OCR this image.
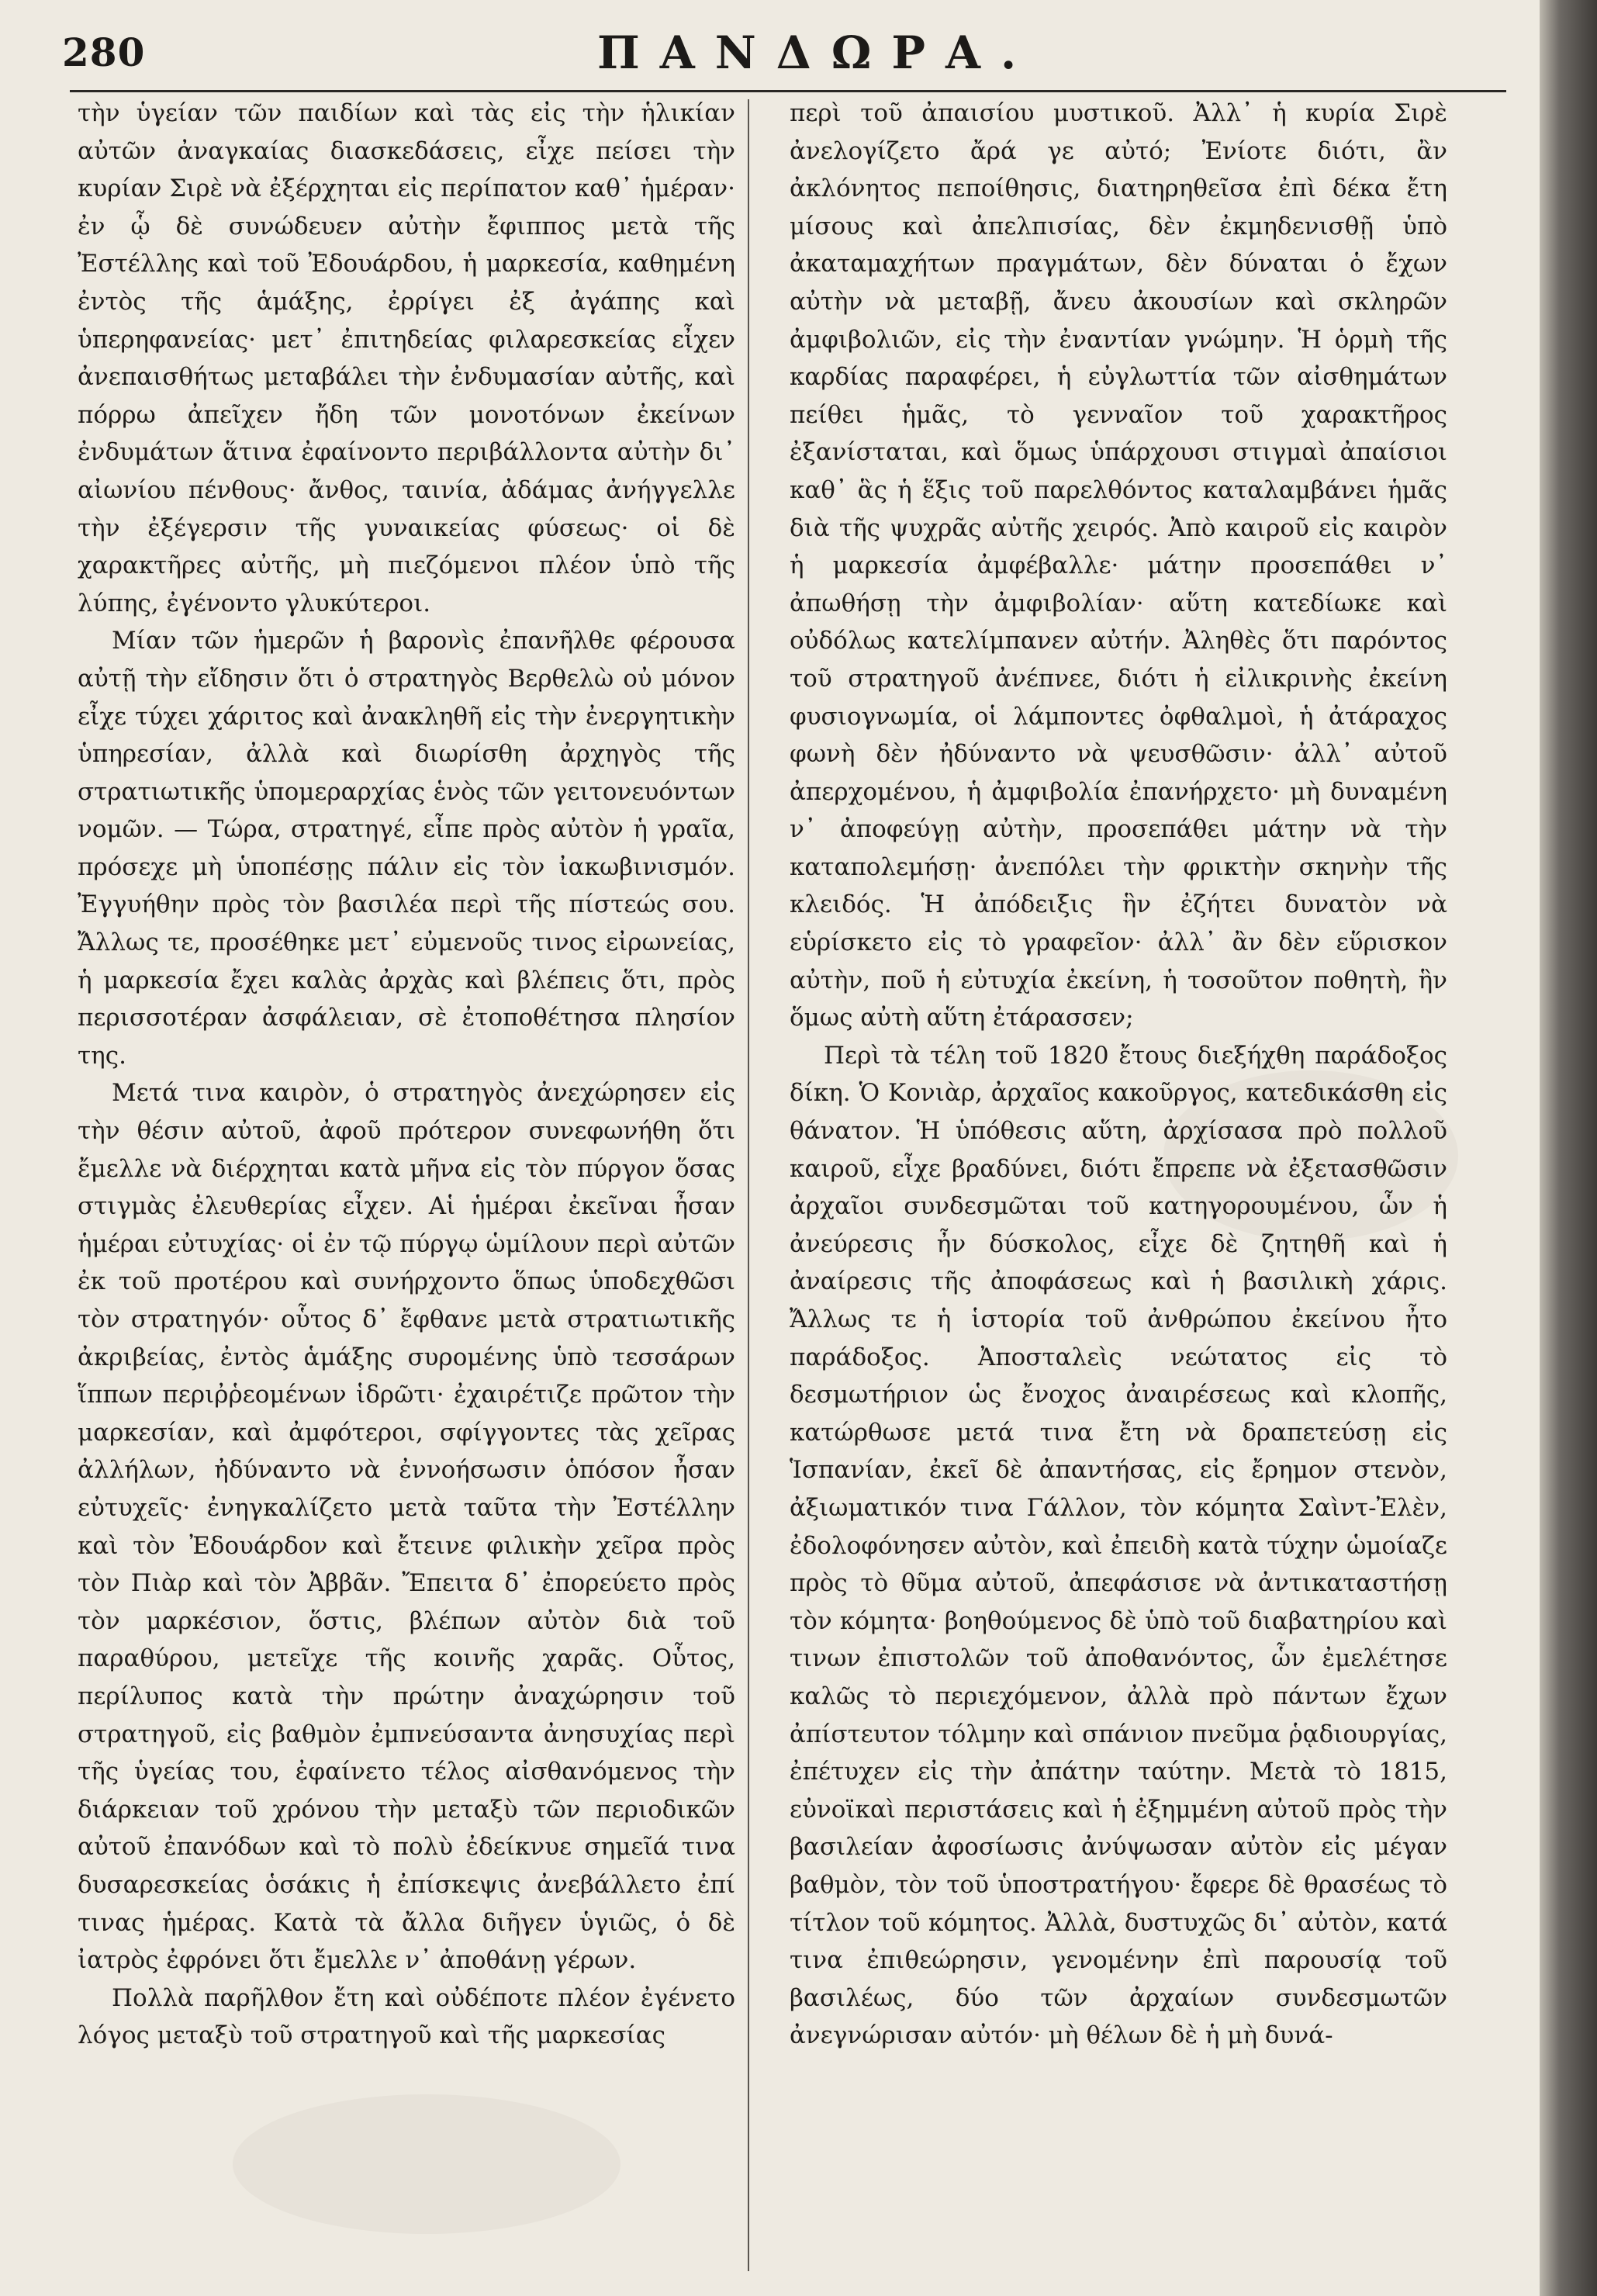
280	ΠΑΝΔΩΡΑ.

τὴν ὑγείαν τῶν παιδίων καὶ τὰς εἰς τὴν ἡλικίαν αὐτῶν ἀναγκαίας διασκεδάσεις, εἶχε πείσει τὴν κυρίαν Σιρὲ νὰ ἐξέρχηται εἰς περίπατον καθ᾽ ἡμέραν· ἐν ᾧ δὲ συνώδευεν αὐτὴν ἔφιππος μετὰ τῆς Ἐστέλλης καὶ τοῦ Ἐδουάρδου, ἡ μαρκεσία, καθημένη ἐντὸς τῆς ἁμάξης, ἐρρίγει ἐξ ἀγάπης καὶ ὑπερηφανείας· μετ᾽ ἐπιτηδείας φιλαρεσκείας εἶχεν ἀνεπαισθήτως μεταβάλει τὴν ἐνδυμασίαν αὐτῆς, καὶ πόρρω ἀπεῖχεν ἤδη τῶν μονοτόνων ἐκείνων ἐνδυμάτων ἅτινα ἐφαίνοντο περιβάλλοντα αὐτὴν δι᾽ αἰωνίου πένθους· ἄνθος, ταινία, ἀδάμας ἀνήγγελλε τὴν ἐξέγερσιν τῆς γυναικείας φύσεως· οἱ δὲ χαρακτῆρες αὐτῆς, μὴ πιεζόμενοι πλέον ὑπὸ τῆς λύπης, ἐγένοντο γλυκύτεροι.

Μίαν τῶν ἡμερῶν ἡ βαρονὶς ἐπανῆλθε φέρουσα αὐτῇ τὴν εἴδησιν ὅτι ὁ στρατηγὸς Βερθελὼ οὐ μόνον εἶχε τύχει χάριτος καὶ ἀνακληθῆ εἰς τὴν ἐνεργητικὴν ὑπηρεσίαν, ἀλλὰ καὶ διωρίσθη ἀρχηγὸς τῆς στρατιωτικῆς ὑπομεραρχίας ἑνὸς τῶν γειτονευόντων νομῶν. — Τώρα, στρατηγέ, εἶπε πρὸς αὐτὸν ἡ γραῖα, πρόσεχε μὴ ὑποπέσῃς πάλιν εἰς τὸν ἰακωβινισμόν. Ἐγγυήθην πρὸς τὸν βασιλέα περὶ τῆς πίστεώς σου. Ἄλλως τε, προσέθηκε μετ᾽ εὐμενοῦς τινος εἰρωνείας, ἡ μαρκεσία ἔχει καλὰς ἀρχὰς καὶ βλέπεις ὅτι, πρὸς περισσοτέραν ἀσφάλειαν, σὲ ἐτοποθέτησα πλησίον της.

Μετά τινα καιρὸν, ὁ στρατηγὸς ἀνεχώρησεν εἰς τὴν θέσιν αὐτοῦ, ἀφοῦ πρότερον συνεφωνήθη ὅτι ἔμελλε νὰ διέρχηται κατὰ μῆνα εἰς τὸν πύργον ὅσας στιγμὰς ἐλευθερίας εἶχεν. Αἱ ἡμέραι ἐκεῖναι ἦσαν ἡμέραι εὐτυχίας· οἱ ἐν τῷ πύργῳ ὡμίλουν περὶ αὐτῶν ἐκ τοῦ προτέρου καὶ συνήρχοντο ὅπως ὑποδεχθῶσι τὸν στρατηγόν· οὗτος δ᾽ ἔφθανε μετὰ στρατιωτικῆς ἀκριβείας, ἐντὸς ἁμάξης συρομένης ὑπὸ τεσσάρων ἵππων περιῤῥεομένων ἱδρῶτι· ἐχαιρέτιζε πρῶτον τὴν μαρκεσίαν, καὶ ἀμφότεροι, σφίγγοντες τὰς χεῖρας ἀλλήλων, ἠδύναντο νὰ ἐννοήσωσιν ὁπόσον ἦσαν εὐτυχεῖς· ἐνηγκαλίζετο μετὰ ταῦτα τὴν Ἐστέλλην καὶ τὸν Ἐδουάρδον καὶ ἔτεινε φιλικὴν χεῖρα πρὸς τὸν Πιὰρ καὶ τὸν Ἀββᾶν. Ἔπειτα δ᾽ ἐπορεύετο πρὸς τὸν μαρκέσιον, ὅστις, βλέπων αὐτὸν διὰ τοῦ παραθύρου, μετεῖχε τῆς κοινῆς χαρᾶς. Οὗτος, περίλυπος κατὰ τὴν πρώτην ἀναχώρησιν τοῦ στρατηγοῦ, εἰς βαθμὸν ἐμπνεύσαντα ἀνησυχίας περὶ τῆς ὑγείας του, ἐφαίνετο τέλος αἰσθανόμενος τὴν διάρκειαν τοῦ χρόνου τὴν μεταξὺ τῶν περιοδικῶν αὐτοῦ ἐπανόδων καὶ τὸ πολὺ ἐδείκνυε σημεῖά τινα δυσαρεσκείας ὁσάκις ἡ ἐπίσκεψις ἀνεβάλλετο ἐπί τινας ἡμέρας. Κατὰ τὰ ἄλλα διῆγεν ὑγιῶς, ὁ δὲ ἰατρὸς ἐφρόνει ὅτι ἔμελλε ν᾽ ἀποθάνῃ γέρων.

Πολλὰ παρῆλθον ἔτη καὶ οὐδέποτε πλέον ἐγένετο λόγος μεταξὺ τοῦ στρατηγοῦ καὶ τῆς μαρκεσίας

περὶ τοῦ ἀπαισίου μυστικοῦ. Ἀλλ᾽ ἡ κυρία Σιρὲ ἀνελογίζετο ἄρά γε αὐτό; Ἐνίοτε διότι, ἂν ἀκλόνητος πεποίθησις, διατηρηθεῖσα ἐπὶ δέκα ἔτη μίσους καὶ ἀπελπισίας, δὲν ἐκμηδενισθῇ ὑπὸ ἀκαταμαχήτων πραγμάτων, δὲν δύναται ὁ ἔχων αὐτὴν νὰ μεταβῇ, ἄνευ ἀκουσίων καὶ σκληρῶν ἀμφιβολιῶν, εἰς τὴν ἐναντίαν γνώμην. Ἡ ὁρμὴ τῆς καρδίας παραφέρει, ἡ εὐγλωττία τῶν αἰσθημάτων πείθει ἡμᾶς, τὸ γενναῖον τοῦ χαρακτῆρος ἐξανίσταται, καὶ ὅμως ὑπάρχουσι στιγμαὶ ἀπαίσιοι καθ᾽ ἃς ἡ ἕξις τοῦ παρελθόντος καταλαμβάνει ἡμᾶς διὰ τῆς ψυχρᾶς αὐτῆς χειρός. Ἀπὸ καιροῦ εἰς καιρὸν ἡ μαρκεσία ἀμφέβαλλε· μάτην προσεπάθει ν᾽ ἀπωθήσῃ τὴν ἀμφιβολίαν· αὕτη κατεδίωκε καὶ οὐδόλως κατελίμπανεν αὐτήν. Ἀληθὲς ὅτι παρόντος τοῦ στρατηγοῦ ἀνέπνεε, διότι ἡ εἰλικρινὴς ἐκείνη φυσιογνωμία, οἱ λάμποντες ὀφθαλμοὶ, ἡ ἀτάραχος φωνὴ δὲν ἠδύναντο νὰ ψευσθῶσιν· ἀλλ᾽ αὐτοῦ ἀπερχομένου, ἡ ἀμφιβολία ἐπανήρχετο· μὴ δυναμένη ν᾽ ἀποφεύγῃ αὐτὴν, προσεπάθει μάτην νὰ τὴν καταπολεμήσῃ· ἀνεπόλει τὴν φρικτὴν σκηνὴν τῆς κλειδός. Ἡ ἀπόδειξις ἣν ἐζήτει δυνατὸν νὰ εὑρίσκετο εἰς τὸ γραφεῖον· ἀλλ᾽ ἂν δὲν εὕρισκον αὐτὴν, ποῦ ἡ εὐτυχία ἐκείνη, ἡ τοσοῦτον ποθητὴ, ἣν ὅμως αὐτὴ αὕτη ἐτάρασσεν;

Περὶ τὰ τέλη τοῦ 1820 ἔτους διεξήχθη παράδοξος δίκη. Ὁ Κονιὰρ, ἀρχαῖος κακοῦργος, κατεδικάσθη εἰς θάνατον. Ἡ ὑπόθεσις αὕτη, ἀρχίσασα πρὸ πολλοῦ καιροῦ, εἶχε βραδύνει, διότι ἔπρεπε νὰ ἐξετασθῶσιν ἀρχαῖοι συνδεσμῶται τοῦ κατηγορουμένου, ὧν ἡ ἀνεύρεσις ἦν δύσκολος, εἶχε δὲ ζητηθῆ καὶ ἡ ἀναίρεσις τῆς ἀποφάσεως καὶ ἡ βασιλικὴ χάρις. Ἄλλως τε ἡ ἱστορία τοῦ ἀνθρώπου ἐκείνου ἦτο παράδοξος. Ἀποσταλεὶς νεώτατος εἰς τὸ δεσμωτήριον ὡς ἔνοχος ἀναιρέσεως καὶ κλοπῆς, κατώρθωσε μετά τινα ἔτη νὰ δραπετεύσῃ εἰς Ἱσπανίαν, ἐκεῖ δὲ ἀπαντήσας, εἰς ἔρημον στενὸν, ἀξιωματικόν τινα Γάλλον, τὸν κόμητα Σαὶντ-Ἐλὲν, ἐδολοφόνησεν αὐτὸν, καὶ ἐπειδὴ κατὰ τύχην ὡμοίαζε πρὸς τὸ θῦμα αὐτοῦ, ἀπεφάσισε νὰ ἀντικαταστήσῃ τὸν κόμητα· βοηθούμενος δὲ ὑπὸ τοῦ διαβατηρίου καὶ τινων ἐπιστολῶν τοῦ ἀποθανόντος, ὧν ἐμελέτησε καλῶς τὸ περιεχόμενον, ἀλλὰ πρὸ πάντων ἔχων ἀπίστευτον τόλμην καὶ σπάνιον πνεῦμα ῥᾳδιουργίας, ἐπέτυχεν εἰς τὴν ἀπάτην ταύτην. Μετὰ τὸ 1815, εὐνοϊκαὶ περιστάσεις καὶ ἡ ἐξημμένη αὐτοῦ πρὸς τὴν βασιλείαν ἀφοσίωσις ἀνύψωσαν αὐτὸν εἰς μέγαν βαθμὸν, τὸν τοῦ ὑποστρατήγου· ἔφερε δὲ θρασέως τὸ τίτλον τοῦ κόμητος. Ἀλλὰ, δυστυχῶς δι᾽ αὐτὸν, κατά τινα ἐπιθεώρησιν, γενομένην ἐπὶ παρουσίᾳ τοῦ βασιλέως, δύο τῶν ἀρχαίων συνδεσμωτῶν ἀνεγνώρισαν αὐτόν· μὴ θέλων δὲ ἡ μὴ δυνά-
